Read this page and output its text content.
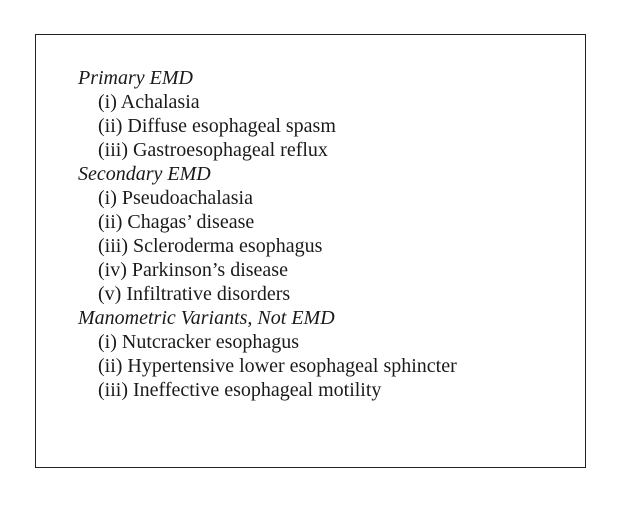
Primary EMD
(i) Achalasia
(ii) Diffuse esophageal spasm
(iii) Gastroesophageal reflux
Secondary EMD
(i) Pseudoachalasia
(ii) Chagas’ disease
(iii) Scleroderma esophagus
(iv) Parkinson’s disease
(v) Infiltrative disorders
Manometric Variants, Not EMD
(i) Nutcracker esophagus
(ii) Hypertensive lower esophageal sphincter
(iii) Ineffective esophageal motility
